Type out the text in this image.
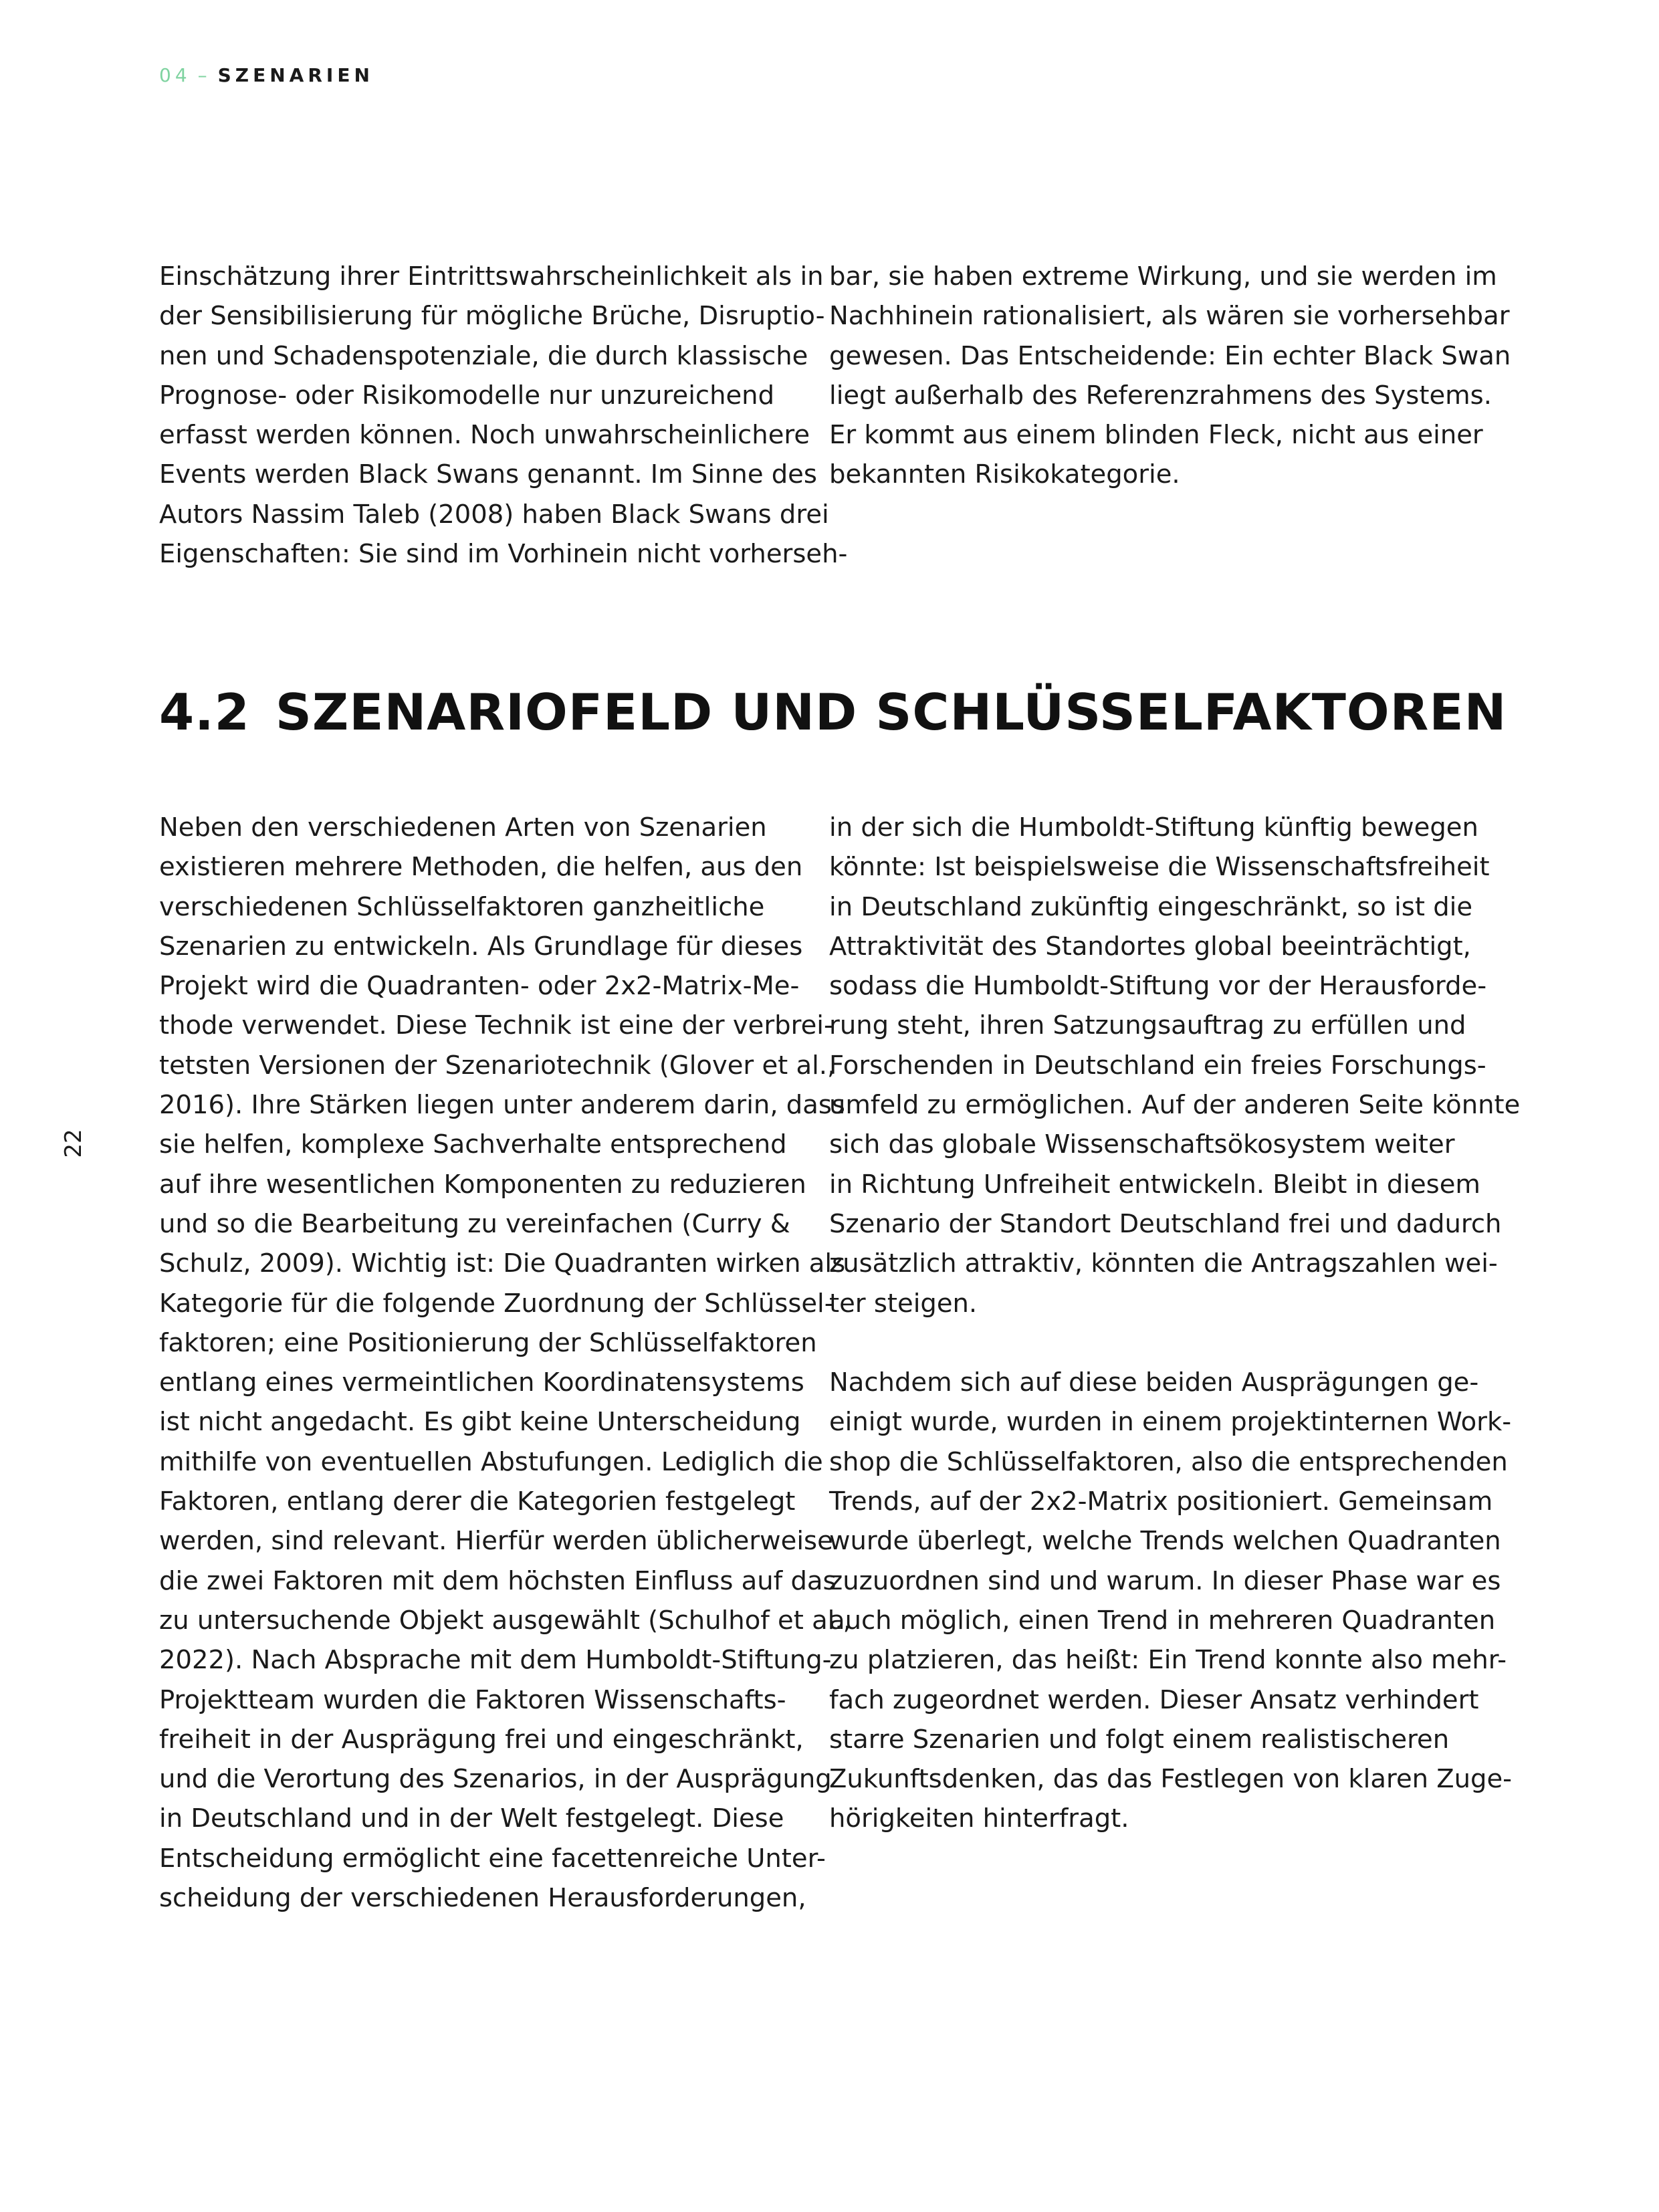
04 – SZENARIEN
22

Einschätzung ihrer Eintrittswahrscheinlichkeit als in
der Sensibilisierung für mögliche Brüche, Disruptio-
nen und Schadenspotenziale, die durch klassische
Prognose- oder Risikomodelle nur unzureichend
erfasst werden können. Noch unwahrscheinlichere
Events werden Black Swans genannt. Im Sinne des
Autors Nassim Taleb (2008) haben Black Swans drei
Eigenschaften: Sie sind im Vorhinein nicht vorherseh-

bar, sie haben extreme Wirkung, und sie werden im
Nachhinein rationalisiert, als wären sie vorhersehbar
gewesen. Das Entscheidende: Ein echter Black Swan
liegt außerhalb des Referenzrahmens des Systems.
Er kommt aus einem blinden Fleck, nicht aus einer
bekannten Risikokategorie.

4.2 SZENARIOFELD UND SCHLÜSSELFAKTOREN

Neben den verschiedenen Arten von Szenarien
existieren mehrere Methoden, die helfen, aus den
verschiedenen Schlüsselfaktoren ganzheitliche
Szenarien zu entwickeln. Als Grundlage für dieses
Projekt wird die Quadranten- oder 2x2-Matrix-Me-
thode verwendet. Diese Technik ist eine der verbrei-
tetsten Versionen der Szenariotechnik (Glover et al.,
2016). Ihre Stärken liegen unter anderem darin, dass
sie helfen, komplexe Sachverhalte entsprechend
auf ihre wesentlichen Komponenten zu reduzieren
und so die Bearbeitung zu vereinfachen (Curry &
Schulz, 2009). Wichtig ist: Die Quadranten wirken als
Kategorie für die folgende Zuordnung der Schlüssel-
faktoren; eine Positionierung der Schlüsselfaktoren
entlang eines vermeintlichen Koordinatensystems
ist nicht angedacht. Es gibt keine Unterscheidung
mithilfe von eventuellen Abstufungen. Lediglich die
Faktoren, entlang derer die Kategorien festgelegt
werden, sind relevant. Hierfür werden üblicherweise
die zwei Faktoren mit dem höchsten Einfluss auf das
zu untersuchende Objekt ausgewählt (Schulhof et al.,
2022). Nach Absprache mit dem Humboldt-Stiftung-
Projektteam wurden die Faktoren Wissenschafts-
freiheit in der Ausprägung frei und eingeschränkt,
und die Verortung des Szenarios, in der Ausprägung
in Deutschland und in der Welt festgelegt. Diese
Entscheidung ermöglicht eine facettenreiche Unter-
scheidung der verschiedenen Herausforderungen,

in der sich die Humboldt-Stiftung künftig bewegen
könnte: Ist beispielsweise die Wissenschaftsfreiheit
in Deutschland zukünftig eingeschränkt, so ist die
Attraktivität des Standortes global beeinträchtigt,
sodass die Humboldt-Stiftung vor der Herausforde-
rung steht, ihren Satzungsauftrag zu erfüllen und
Forschenden in Deutschland ein freies Forschungs-
umfeld zu ermöglichen. Auf der anderen Seite könnte
sich das globale Wissenschaftsökosystem weiter
in Richtung Unfreiheit entwickeln. Bleibt in diesem
Szenario der Standort Deutschland frei und dadurch
zusätzlich attraktiv, könnten die Antragszahlen wei-
ter steigen.

Nachdem sich auf diese beiden Ausprägungen ge-
einigt wurde, wurden in einem projektinternen Work-
shop die Schlüsselfaktoren, also die entsprechenden
Trends, auf der 2x2-Matrix positioniert. Gemeinsam
wurde überlegt, welche Trends welchen Quadranten
zuzuordnen sind und warum. In dieser Phase war es
auch möglich, einen Trend in mehreren Quadranten
zu platzieren, das heißt: Ein Trend konnte also mehr-
fach zugeordnet werden. Dieser Ansatz verhindert
starre Szenarien und folgt einem realistischeren
Zukunftsdenken, das das Festlegen von klaren Zuge-
hörigkeiten hinterfragt.
